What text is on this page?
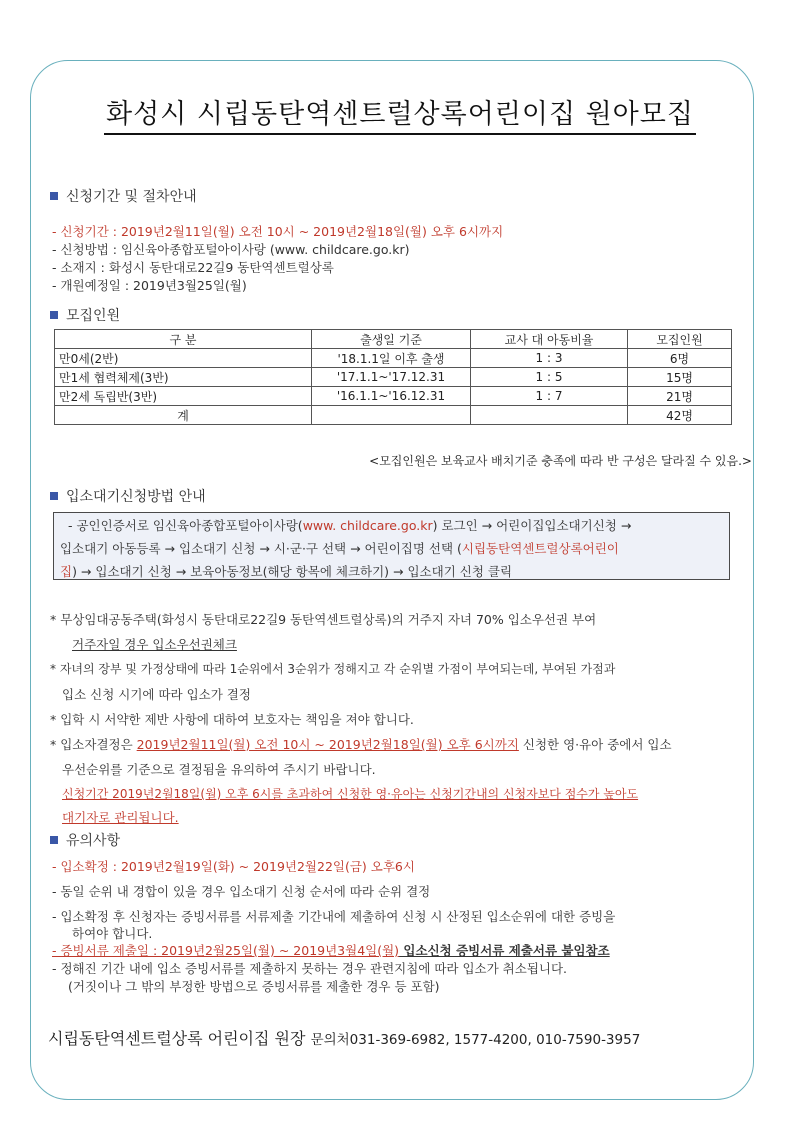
화성시 시립동탄역센트럴상록어린이집 원아모집
신청기간 및 절차안내
- 신청기간 : 2019년2월11일(월) 오전 10시 ~ 2019년2월18일(월) 오후 6시까지
- 신청방법 : 임신육아종합포털아이사랑 (www. childcare.go.kr)
- 소재지 : 화성시 동탄대로22길9 동탄역센트럴상록
- 개원예정일 : 2019년3월25일(월)
모집인원
구 분	출생일 기준	교사 대 아동비율	모집인원
만0세(2반)	'18.1.1일 이후 출생	1 : 3	6명
만1세 협력체제(3반)	'17.1.1~'17.12.31	1 : 5	15명
만2세 독립반(3반)	'16.1.1~'16.12.31	1 : 7	21명
계			42명
<모집인원은 보육교사 배치기준 충족에 따라 반 구성은 달라질 수 있음.>
입소대기신청방법 안내
- 공인인증서로 임신육아종합포털아이사랑(www. childcare.go.kr) 로그인 → 어린이집입소대기신청 →
입소대기 아동등록 → 입소대기 신청 → 시·군·구 선택 → 어린이집명 선택 (시립동탄역센트럴상록어린이
집) → 입소대기 신청 → 보육아동정보(해당 항목에 체크하기) → 입소대기 신청 클릭
* 무상임대공동주택(화성시 동탄대로22길9 동탄역센트럴상록)의 거주지 자녀 70% 입소우선권 부여
거주자일 경우 입소우선권체크
* 자녀의 장부 및 가정상태에 따라 1순위에서 3순위가 정해지고 각 순위별 가점이 부여되는데, 부여된 가점과
입소 신청 시기에 따라 입소가 결정
* 입학 시 서약한 제반 사항에 대하여 보호자는 책임을 져야 합니다.
* 입소자결정은 2019년2월11일(월) 오전 10시 ~ 2019년2월18일(월) 오후 6시까지 신청한 영·유아 중에서 입소
우선순위를 기준으로 결정됨을 유의하여 주시기 바랍니다.
신청기간 2019년2월18일(월) 오후 6시를 초과하여 신청한 영·유아는 신청기간내의 신청자보다 점수가 높아도
대기자로 관리됩니다.
유의사항
- 입소확정 : 2019년2월19일(화) ~ 2019년2월22일(금) 오후6시
- 동일 순위 내 경합이 있을 경우 입소대기 신청 순서에 따라 순위 결정
- 입소확정 후 신청자는 증빙서류를 서류제출 기간내에 제출하여 신청 시 산정된 입소순위에 대한 증빙을
하여야 합니다.
- 증빙서류 제출일 : 2019년2월25일(월) ~ 2019년3월4일(월) 입소신청 증빙서류 제출서류 붙임참조
- 정해진 기간 내에 입소 증빙서류를 제출하지 못하는 경우 관련지침에 따라 입소가 취소됩니다.
(거짓이나 그 밖의 부정한 방법으로 증빙서류를 제출한 경우 등 포함)
시립동탄역센트럴상록 어린이집 원장 문의처031-369-6982, 1577-4200, 010-7590-3957
